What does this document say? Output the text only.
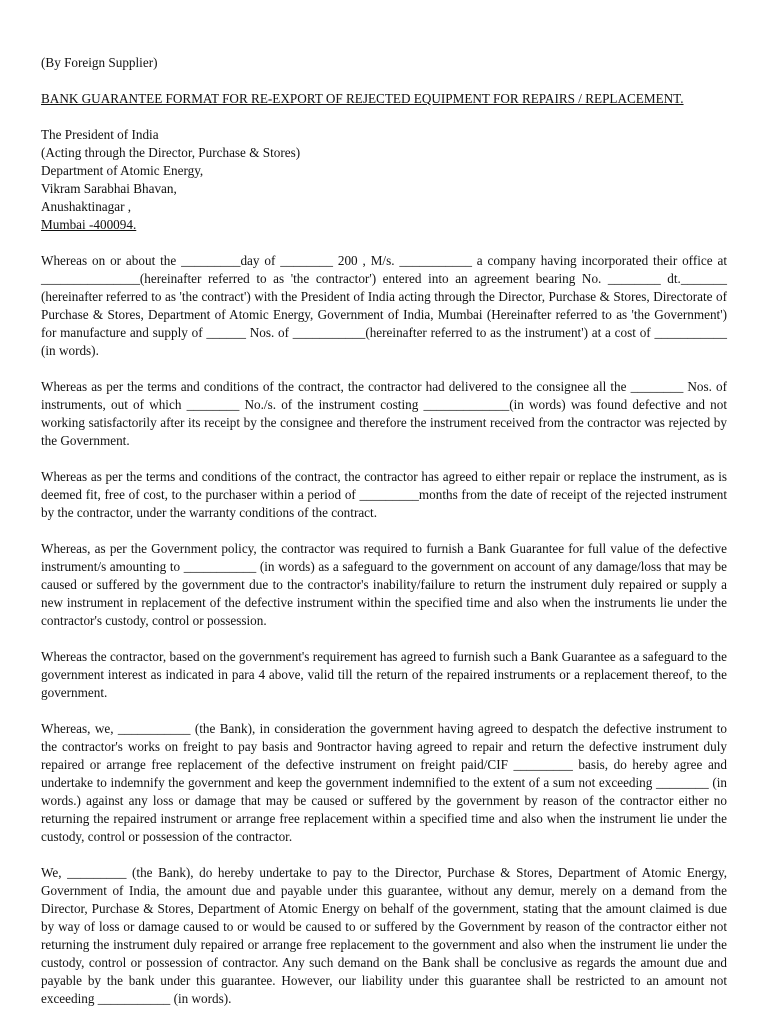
(By Foreign Supplier)

BANK GUARANTEE FORMAT FOR RE-EXPORT OF REJECTED EQUIPMENT FOR REPAIRS / REPLACEMENT.

The President of India

(Acting through the Director, Purchase & Stores)

Department of Atomic Energy,

Vikram Sarabhai Bhavan,

Anushaktinagar ,

Mumbai -400094.

Whereas on or about the _________day of ________ 200 , M/s. ___________ a company having incorporated their office at _______________(hereinafter referred to as 'the contractor') entered into an agreement bearing No. ________ dt._______ (hereinafter referred to as 'the contract') with the President of India acting through the Director, Purchase & Stores, Directorate of Purchase & Stores, Department of Atomic Energy, Government of India, Mumbai (Hereinafter referred to as 'the Government') for manufacture and supply of ______ Nos. of ___________(hereinafter referred to as the instrument') at a cost of ___________ (in words).

Whereas as per the terms and conditions of the contract, the contractor had delivered to the consignee all the ________ Nos. of instruments, out of which ________ No./s. of the instrument costing _____________(in words) was found defective and not working satisfactorily after its receipt by the consignee and therefore the instrument received from the contractor was rejected by the Government.

Whereas as per the terms and conditions of the contract, the contractor has agreed to either repair or replace the instrument, as is deemed fit, free of cost, to the purchaser within a period of _________months from the date of receipt of the rejected instrument by the contractor, under the warranty conditions of the contract.

Whereas, as per the Government policy, the contractor was required to furnish a Bank Guarantee for full value of the defective instrument/s amounting to ___________ (in words) as a safeguard to the government on account of any damage/loss that may be caused or suffered by the government due to the contractor's inability/failure to return the instrument duly repaired or supply a new instrument in replacement of the defective instrument within the specified time and also when the instruments lie under the contractor's custody, control or possession.

Whereas the contractor, based on the government's requirement has agreed to furnish such a Bank Guarantee as a safeguard to the government interest as indicated in para 4 above, valid till the return of the repaired instruments or a replacement thereof, to the government.

Whereas, we, ___________ (the Bank), in consideration the government having agreed to despatch the defective instrument to the contractor's works on freight to pay basis and 9ontractor having agreed to repair and return the defective instrument duly repaired or arrange free replacement of the defective instrument on freight paid/CIF _________ basis, do hereby agree and undertake to indemnify the government and keep the government indemnified to the extent of a sum not exceeding ________ (in words.) against any loss or damage that may be caused or suffered by the government by reason of the contractor either no returning the repaired instrument or arrange free replacement within a specified time and also when the instrument lie under the custody, control or possession of the contractor.

We, _________ (the Bank), do hereby undertake to pay to the Director, Purchase & Stores, Department of Atomic Energy, Government of India, the amount due and payable under this guarantee, without any demur, merely on a demand from the Director, Purchase & Stores, Department of Atomic Energy on behalf of the government, stating that the amount claimed is due by way of loss or damage caused to or would be caused to or suffered by the Government by reason of the contractor either not returning the instrument duly repaired or arrange free replacement to the government and also when the instrument lie under the custody, control or possession of contractor. Any such demand on the Bank shall be conclusive as regards the amount due and payable by the bank under this guarantee. However, our liability under this guarantee shall be restricted to an amount not exceeding ___________ (in words).
